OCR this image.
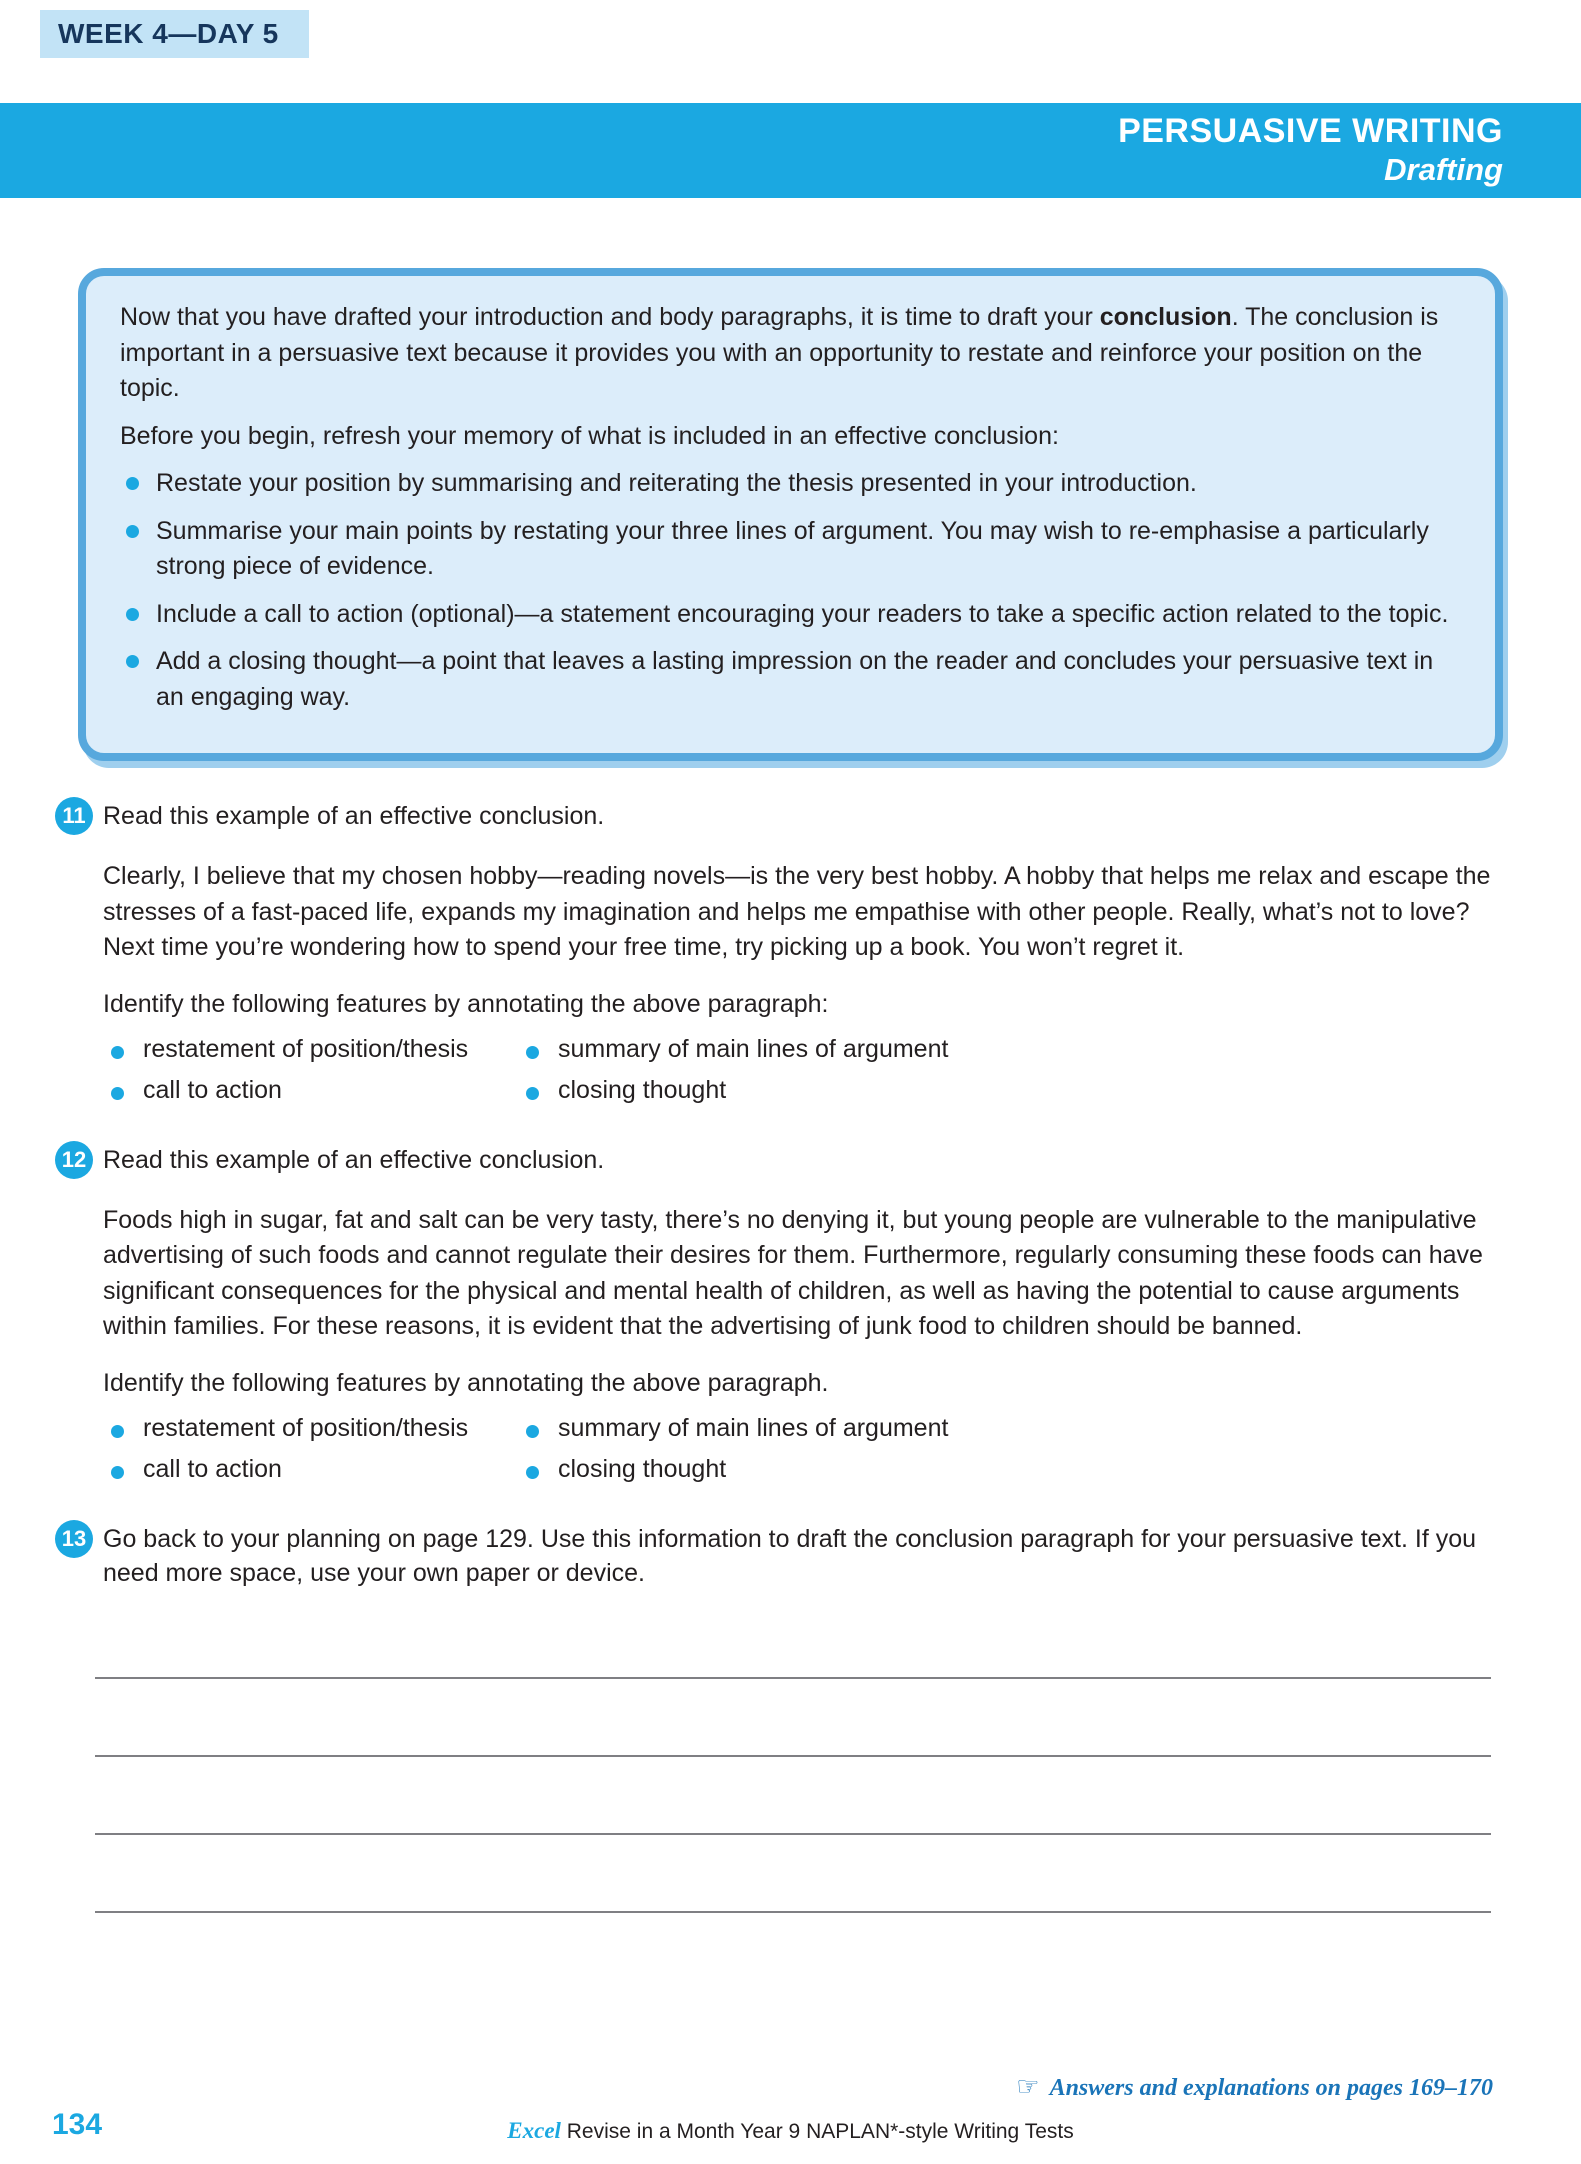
WEEK 4—DAY 5
PERSUASIVE WRITING
Drafting

Now that you have drafted your introduction and body paragraphs, it is time to draft your conclusion. The conclusion is important in a persuasive text because it provides you with an opportunity to restate and reinforce your position on the topic.

Before you begin, refresh your memory of what is included in an effective conclusion:

Restate your position by summarising and reiterating the thesis presented in your introduction.
Summarise your main points by restating your three lines of argument. You may wish to re-emphasise a particularly strong piece of evidence.
Include a call to action (optional)—a statement encouraging your readers to take a specific action related to the topic.
Add a closing thought—a point that leaves a lasting impression on the reader and concludes your persuasive text in an engaging way.
11 Read this example of an effective conclusion.
Clearly, I believe that my chosen hobby—reading novels—is the very best hobby. A hobby that helps me relax and escape the stresses of a fast-paced life, expands my imagination and helps me empathise with other people. Really, what’s not to love? Next time you’re wondering how to spend your free time, try picking up a book. You won’t regret it.
Identify the following features by annotating the above paragraph:
restatement of position/thesis	summary of main lines of argument
call to action	closing thought
12 Read this example of an effective conclusion.
Foods high in sugar, fat and salt can be very tasty, there’s no denying it, but young people are vulnerable to the manipulative advertising of such foods and cannot regulate their desires for them. Furthermore, regularly consuming these foods can have significant consequences for the physical and mental health of children, as well as having the potential to cause arguments within families. For these reasons, it is evident that the advertising of junk food to children should be banned.
Identify the following features by annotating the above paragraph.
restatement of position/thesis	summary of main lines of argument
call to action	closing thought
13 Go back to your planning on page 129. Use this information to draft the conclusion paragraph for your persuasive text. If you need more space, use your own paper or device.
☞ Answers and explanations on pages 169–170
134	Excel Revise in a Month Year 9 NAPLAN*-style Writing Tests
